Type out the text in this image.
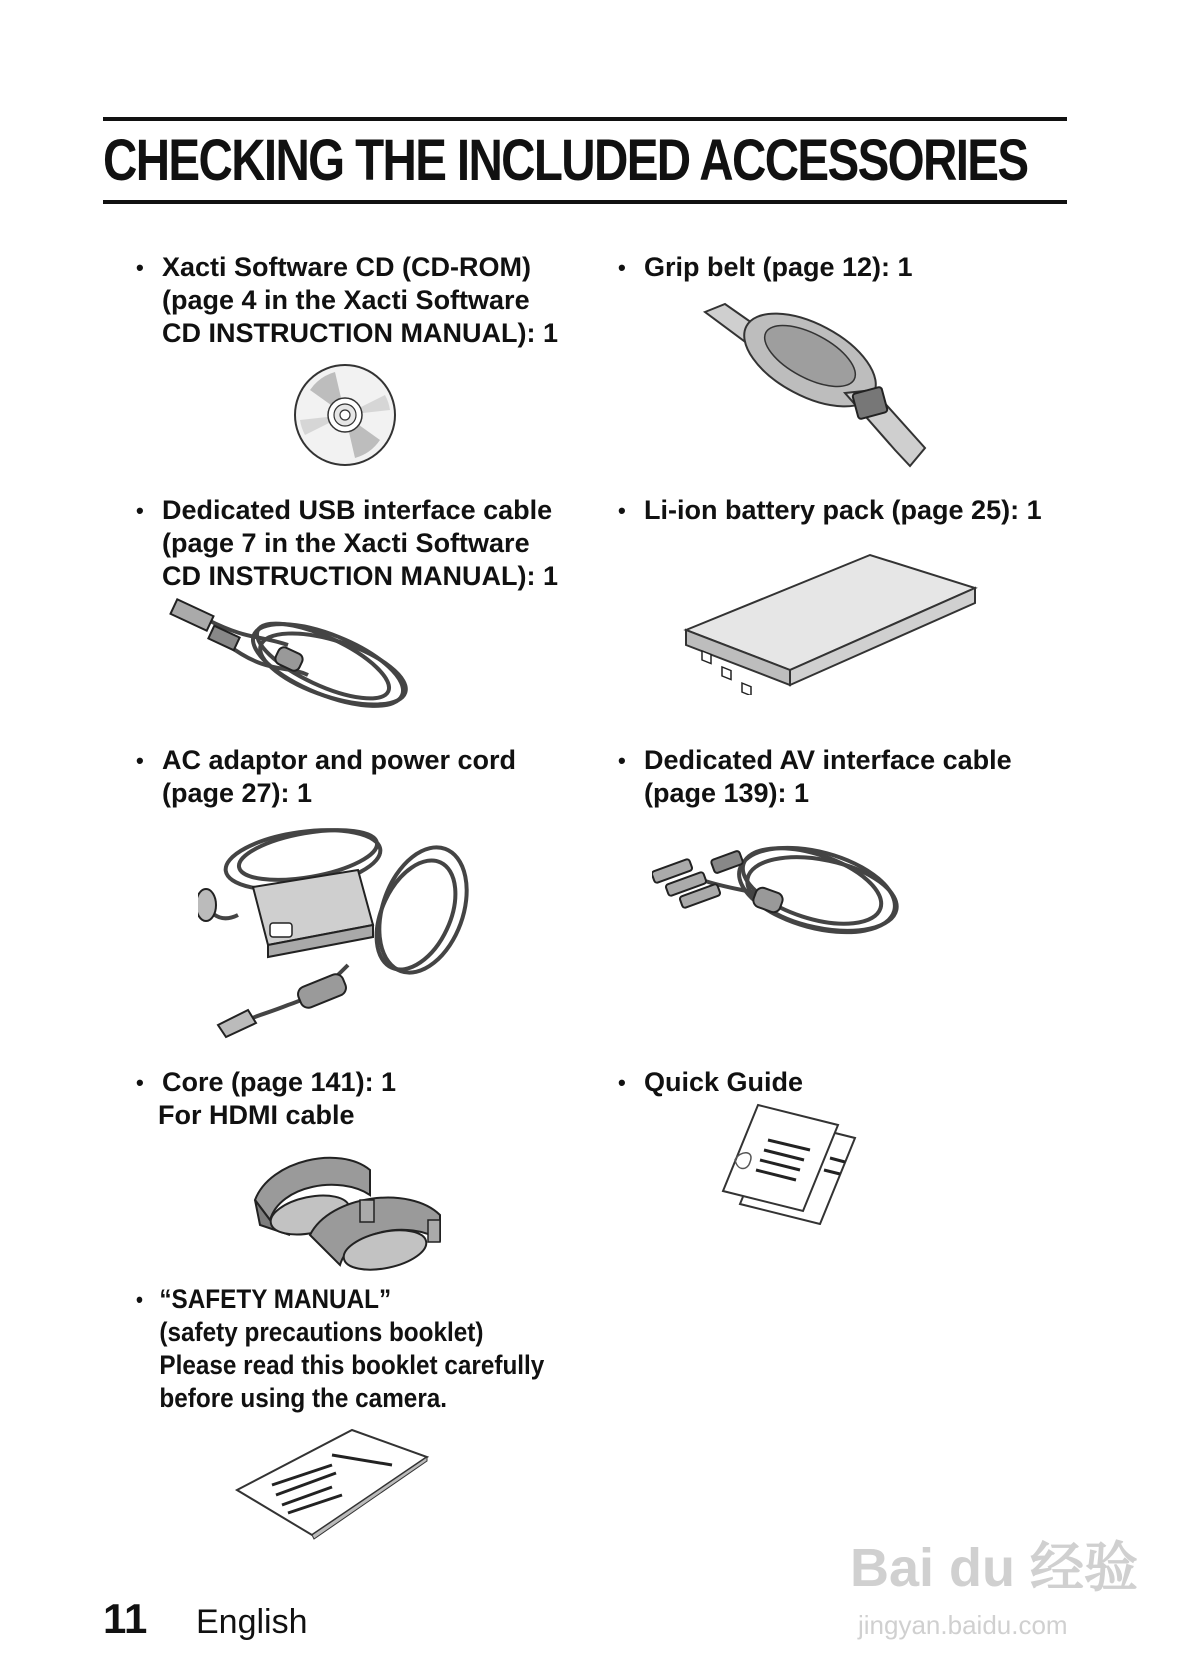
CHECKING THE INCLUDED ACCESSORIES
• Xacti Software CD (CD-ROM)
(page 4 in the Xacti Software
CD INSTRUCTION MANUAL): 1
• Grip belt (page 12): 1
• Dedicated USB interface cable
(page 7 in the Xacti Software
CD INSTRUCTION MANUAL): 1
• Li-ion battery pack (page 25): 1
• AC adaptor and power cord
(page 27): 1
• Dedicated AV interface cable
(page 139): 1
• Core (page 141): 1
For HDMI cable
• Quick Guide
• “SAFETY MANUAL”
(safety precautions booklet)
Please read this booklet carefully
before using the camera.
11 English
Bai du 经验
jingyan.baidu.com
